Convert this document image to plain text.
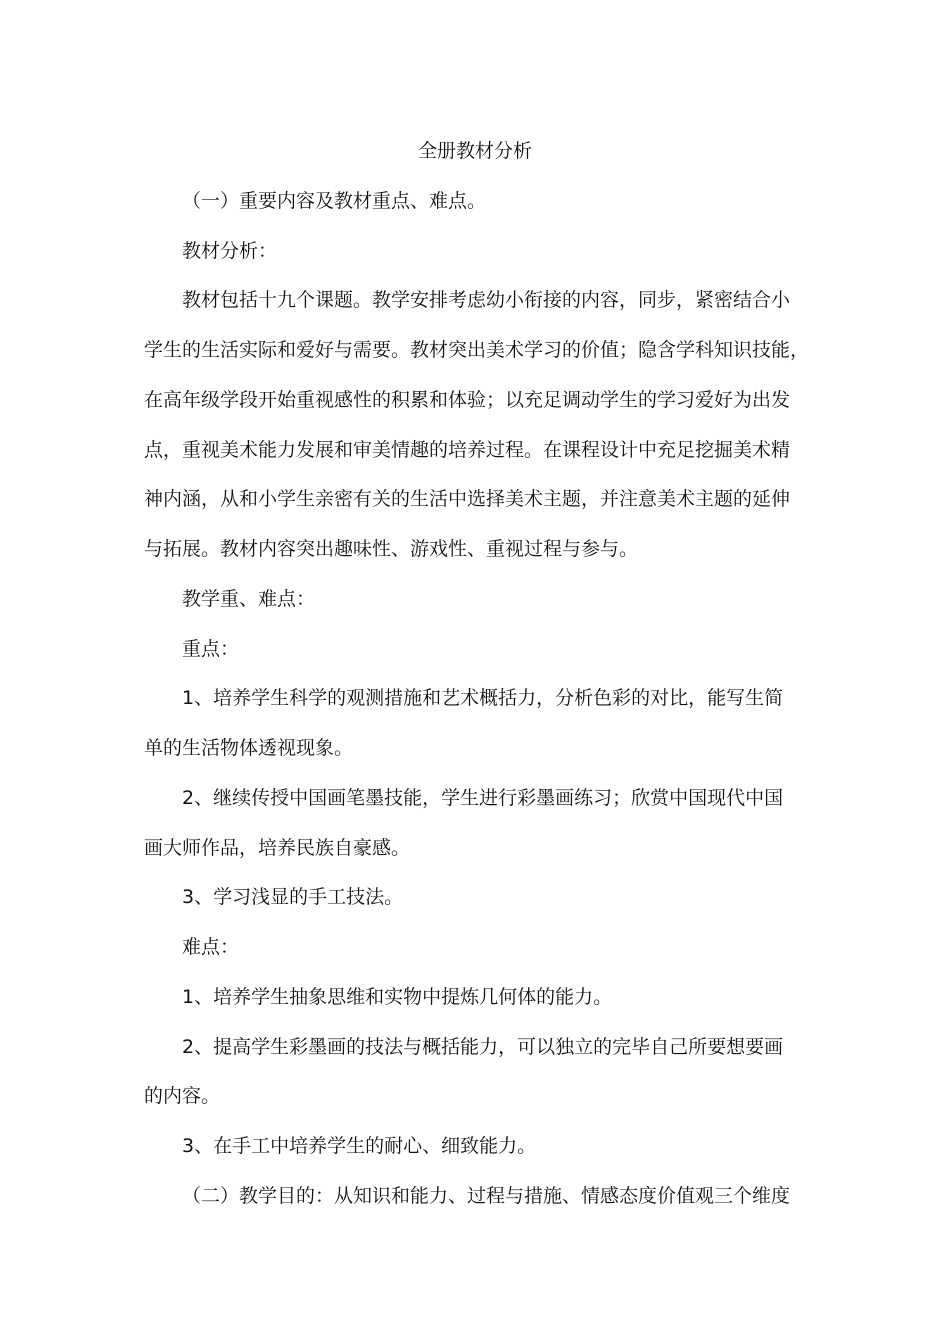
全册教材分析
（一）重要内容及教材重点、难点。
教材分析：
教材包括十九个课题。教学安排考虑幼小衔接的内容，同步，紧密结合小
学生的生活实际和爱好与需要。教材突出美术学习的价值；隐含学科知识技能，
在高年级学段开始重视感性的积累和体验；以充足调动学生的学习爱好为出发
点，重视美术能力发展和审美情趣的培养过程。在课程设计中充足挖掘美术精
神内涵，从和小学生亲密有关的生活中选择美术主题，并注意美术主题的延伸
与拓展。教材内容突出趣味性、游戏性、重视过程与参与。
教学重、难点：
重点：
1、培养学生科学的观测措施和艺术概括力，分析色彩的对比，能写生简
单的生活物体透视现象。
2、继续传授中国画笔墨技能，学生进行彩墨画练习；欣赏中国现代中国
画大师作品，培养民族自豪感。
3、学习浅显的手工技法。
难点：
1、培养学生抽象思维和实物中提炼几何体的能力。
2、提高学生彩墨画的技法与概括能力，可以独立的完毕自己所要想要画
的内容。
3、在手工中培养学生的耐心、细致能力。
（二）教学目的：从知识和能力、过程与措施、情感态度价值观三个维度
